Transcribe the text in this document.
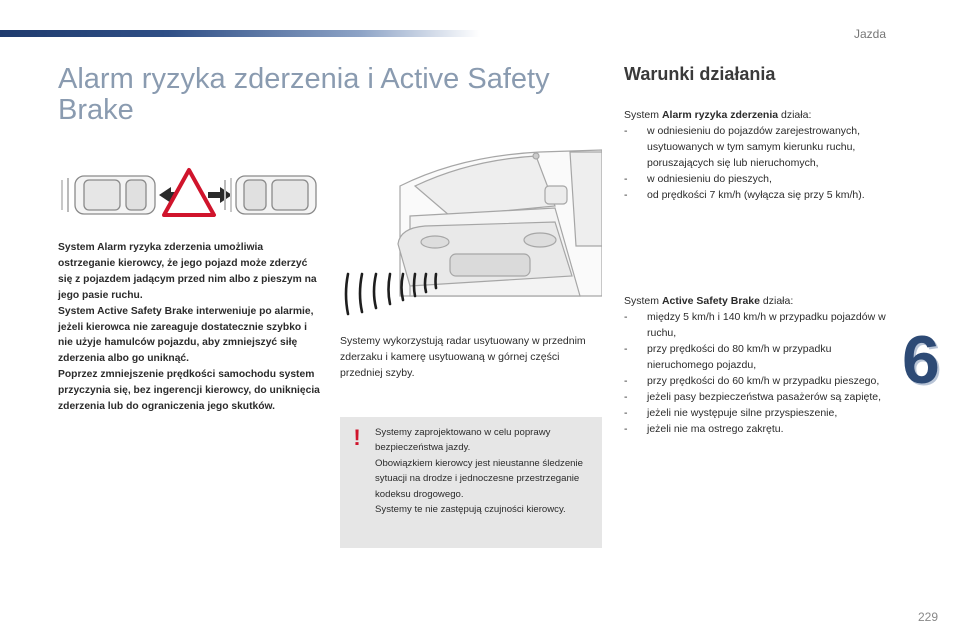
Jazda
Alarm ryzyka zderzenia i Active Safety Brake

System Alarm ryzyka zderzenia umożliwia ostrzeganie kierowcy, że jego pojazd może zderzyć się z pojazdem jadącym przed nim albo z pieszym na jego pasie ruchu.

System Active Safety Brake interweniuje po alarmie, jeżeli kierowca nie zareaguje dostatecznie szybko i nie użyje hamulców pojazdu, aby zmniejszyć siłę zderzenia albo go uniknąć.

Poprzez zmniejszenie prędkości samochodu system przyczynia się, bez ingerencji kierowcy, do uniknięcia zderzenia lub do ograniczenia jego skutków.

Systemy wykorzystują radar usytuowany w przednim zderzaku i kamerę usytuowaną w górnej części przedniej szyby.

!	Systemy zaprojektowano w celu poprawy bezpieczeństwa jazdy.

Obowiązkiem kierowcy jest nieustanne śledzenie sytuacji na drodze i jednoczesne przestrzeganie kodeksu drogowego.

Systemy te nie zastępują czujności kierowcy.

Warunki działania

System Alarm ryzyka zderzenia działa:

- w odniesieniu do pojazdów zarejestrowanych, usytuowanych w tym samym kierunku ruchu, poruszających się lub nieruchomych,
- w odniesieniu do pieszych,
- od prędkości 7 km/h (wyłącza się przy 5 km/h).

System Active Safety Brake działa:

- między 5 km/h i 140 km/h w przypadku pojazdów w ruchu,
- przy prędkości do 80 km/h w przypadku nieruchomego pojazdu,
- przy prędkości do 60 km/h w przypadku pieszego,
- jeżeli pasy bezpieczeństwa pasażerów są zapięte,
- jeżeli nie występuje silne przyspieszenie,
- jeżeli nie ma ostrego zakrętu.
6
229
